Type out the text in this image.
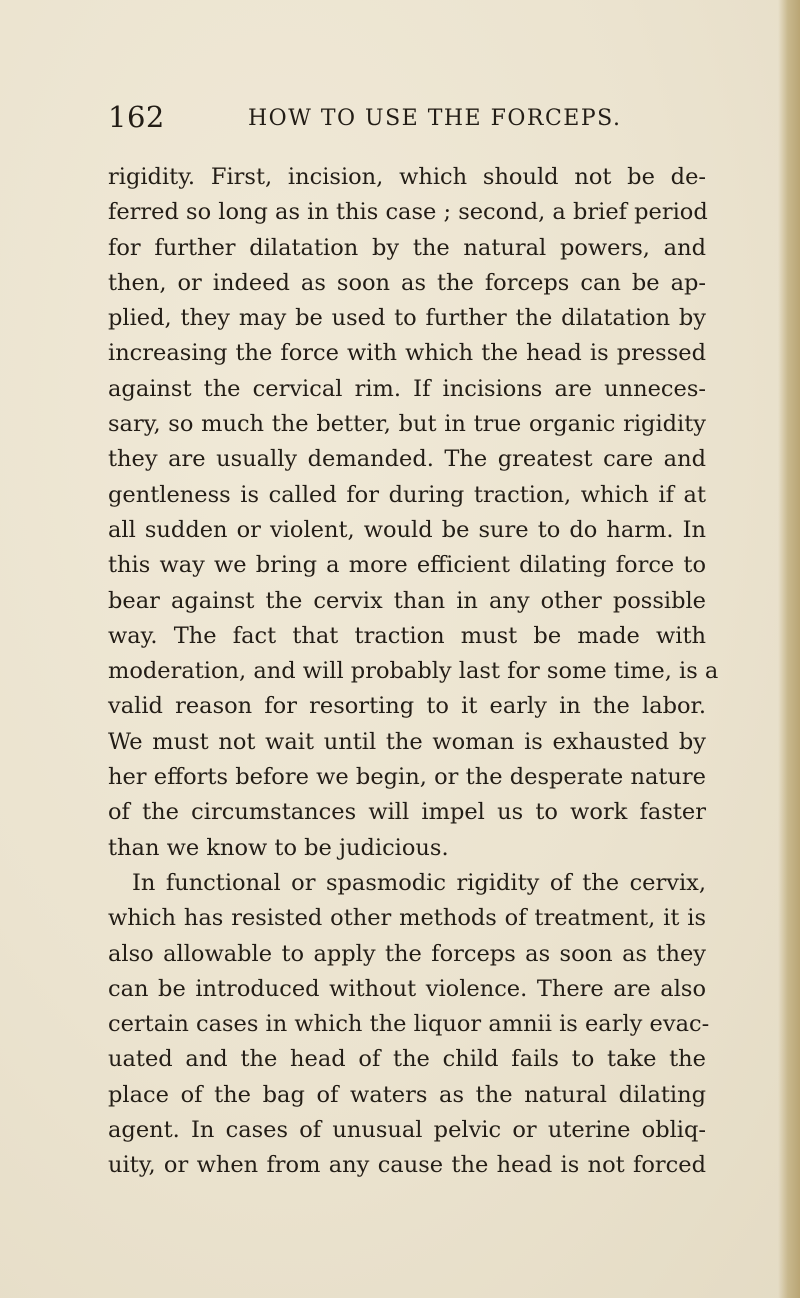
162	HOW TO USE THE FORCEPS.
rigidity. First, incision, which should not be de-
ferred so long as in this case ; second, a brief period
for further dilatation by the natural powers, and
then, or indeed as soon as the forceps can be ap-
plied, they may be used to further the dilatation by
increasing the force with which the head is pressed
against the cervical rim. If incisions are unneces-
sary, so much the better, but in true organic rigidity
they are usually demanded. The greatest care and
gentleness is called for during traction, which if at
all sudden or violent, would be sure to do harm. In
this way we bring a more efficient dilating force to
bear against the cervix than in any other possible
way. The fact that traction must be made with
moderation, and will probably last for some time, is a
valid reason for resorting to it early in the labor.
We must not wait until the woman is exhausted by
her efforts before we begin, or the desperate nature
of the circumstances will impel us to work faster
than we know to be judicious.
In functional or spasmodic rigidity of the cervix,
which has resisted other methods of treatment, it is
also allowable to apply the forceps as soon as they
can be introduced without violence. There are also
certain cases in which the liquor amnii is early evac-
uated and the head of the child fails to take the
place of the bag of waters as the natural dilating
agent. In cases of unusual pelvic or uterine obliq-
uity, or when from any cause the head is not forced
